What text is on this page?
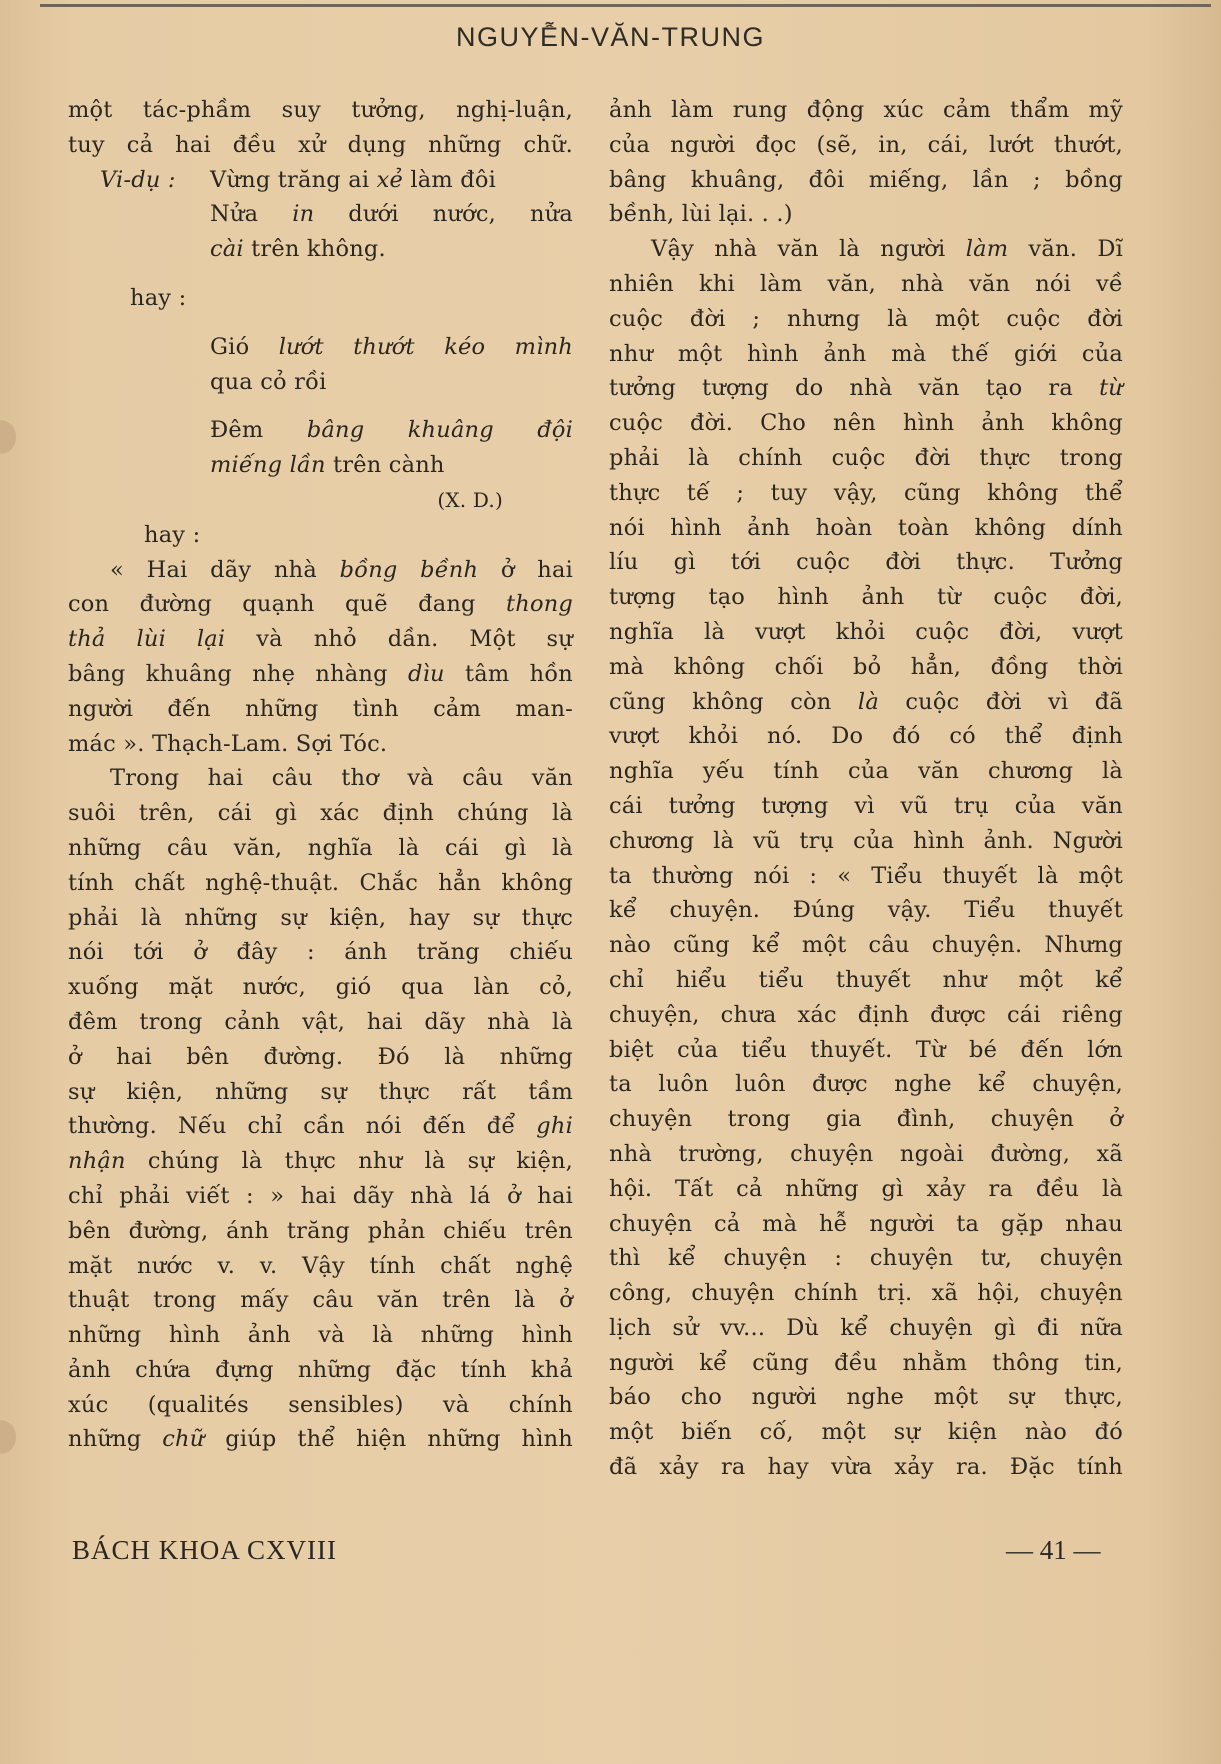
NGUYỄN-VĂN-TRUNG
một tác-phầm suy tưởng, nghị-luận,
tuy cả hai đều xử dụng những chữ.
Vi-dụ : Vừng trăng ai xẻ làm đôi
Nửa in dưới nước, nửa
cài trên không.
hay :
Gió lướt thướt kéo mình
qua cỏ rồi
Đêm bâng khuâng đội
miếng lần trên cành
(X. D.)
hay :
« Hai dãy nhà bồng bềnh ở hai
con đường quạnh quẽ đang thong
thả lùi lại và nhỏ dần. Một sự
bâng khuâng nhẹ nhàng dìu tâm hồn
người đến những tình cảm man-
mác ». Thạch-Lam. Sợi Tóc.
Trong hai câu thơ và câu văn
suôi trên, cái gì xác định chúng là
những câu văn, nghĩa là cái gì là
tính chất nghệ-thuật. Chắc hẳn không
phải là những sự kiện, hay sự thực
nói tới ở đây : ánh trăng chiếu
xuống mặt nước, gió qua làn cỏ,
đêm trong cảnh vật, hai dãy nhà là
ở hai bên đường. Đó là những
sự kiện, những sự thực rất tầm
thường. Nếu chỉ cần nói đến để ghi
nhận chúng là thực như là sự kiện,
chỉ phải viết : » hai dãy nhà lá ở hai
bên đường, ánh trăng phản chiếu trên
mặt nước v. v. Vậy tính chất nghệ
thuật trong mấy câu văn trên là ở
những hình ảnh và là những hình
ảnh chứa đựng những đặc tính khả
xúc (qualités sensibles) và chính
những chữ giúp thể hiện những hình
ảnh làm rung động xúc cảm thẩm mỹ
của người đọc (sẽ, in, cái, lướt thướt,
bâng khuâng, đôi miếng, lần ; bồng
bềnh, lùi lại. . .)
Vậy nhà văn là người làm văn. Dĩ
nhiên khi làm văn, nhà văn nói về
cuộc đời ; nhưng là một cuộc đời
như một hình ảnh mà thế giới của
tưởng tượng do nhà văn tạo ra từ
cuộc đời. Cho nên hình ảnh không
phải là chính cuộc đời thực trong
thực tế ; tuy vậy, cũng không thể
nói hình ảnh hoàn toàn không dính
líu gì tới cuộc đời thực. Tưởng
tượng tạo hình ảnh từ cuộc đời,
nghĩa là vượt khỏi cuộc đời, vượt
mà không chối bỏ hẳn, đồng thời
cũng không còn là cuộc đời vì đã
vượt khỏi nó. Do đó có thể định
nghĩa yếu tính của văn chương là
cái tưởng tượng vì vũ trụ của văn
chương là vũ trụ của hình ảnh. Người
ta thường nói : « Tiểu thuyết là một
kể chuyện. Đúng vậy. Tiểu thuyết
nào cũng kể một câu chuyện. Nhưng
chỉ hiểu tiểu thuyết như một kể
chuyện, chưa xác định được cái riêng
biệt của tiểu thuyết. Từ bé đến lớn
ta luôn luôn được nghe kể chuyện,
chuyện trong gia đình, chuyện ở
nhà trường, chuyện ngoài đường, xã
hội. Tất cả những gì xảy ra đều là
chuyện cả mà hễ người ta gặp nhau
thì kể chuyện : chuyện tư, chuyện
công, chuyện chính trị. xã hội, chuyện
lịch sử vv... Dù kể chuyện gì đi nữa
người kể cũng đều nhằm thông tin,
báo cho người nghe một sự thực,
một biến cố, một sự kiện nào đó
đã xảy ra hay vừa xảy ra. Đặc tính
BÁCH KHOA CXVIII	— 41 —
